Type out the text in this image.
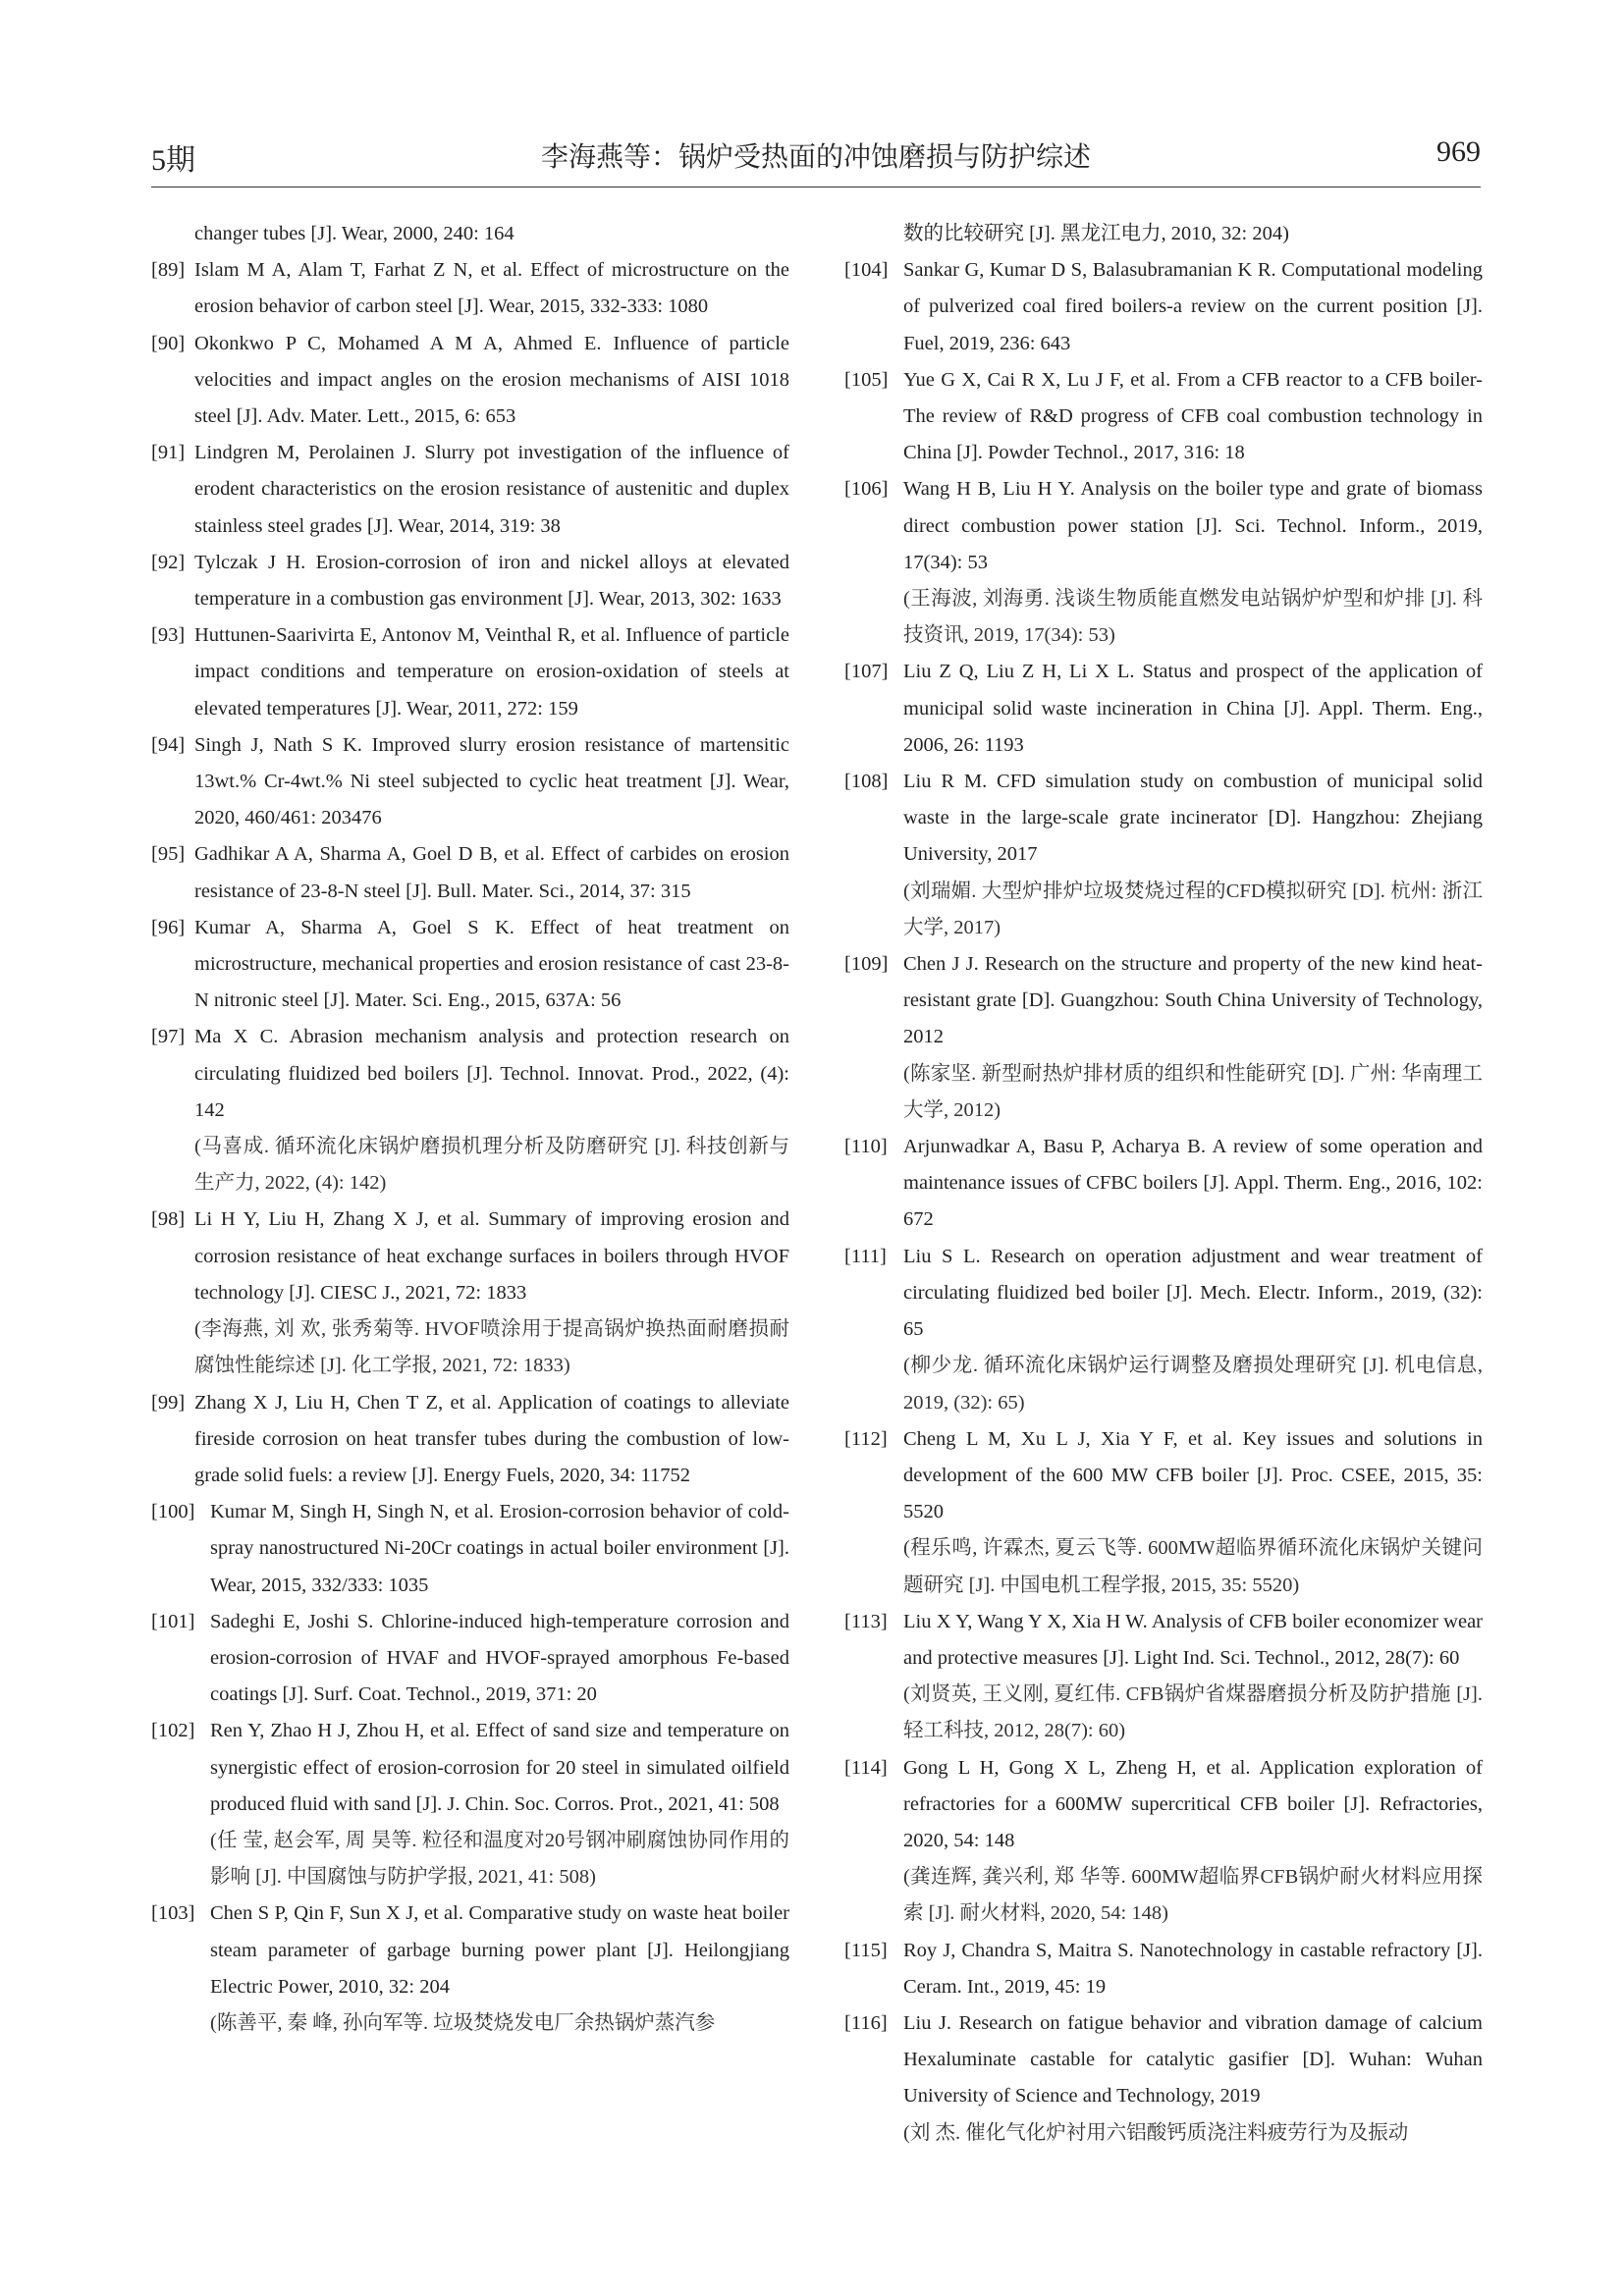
5期	李海燕等：锅炉受热面的冲蚀磨损与防护综述	969
changer tubes [J]. Wear, 2000, 240: 164
[89] Islam M A, Alam T, Farhat Z N, et al. Effect of microstructure on the erosion behavior of carbon steel [J]. Wear, 2015, 332-333: 1080
[90] Okonkwo P C, Mohamed A M A, Ahmed E. Influence of particle velocities and impact angles on the erosion mechanisms of AISI 1018 steel [J]. Adv. Mater. Lett., 2015, 6: 653
[91] Lindgren M, Perolainen J. Slurry pot investigation of the influence of erodent characteristics on the erosion resistance of austenitic and duplex stainless steel grades [J]. Wear, 2014, 319: 38
[92] Tylczak J H. Erosion-corrosion of iron and nickel alloys at elevated temperature in a combustion gas environment [J]. Wear, 2013, 302: 1633
[93] Huttunen-Saarivirta E, Antonov M, Veinthal R, et al. Influence of particle impact conditions and temperature on erosion-oxidation of steels at elevated temperatures [J]. Wear, 2011, 272: 159
[94] Singh J, Nath S K. Improved slurry erosion resistance of martensitic 13wt.% Cr-4wt.% Ni steel subjected to cyclic heat treatment [J]. Wear, 2020, 460/461: 203476
[95] Gadhikar A A, Sharma A, Goel D B, et al. Effect of carbides on erosion resistance of 23-8-N steel [J]. Bull. Mater. Sci., 2014, 37: 315
[96] Kumar A, Sharma A, Goel S K. Effect of heat treatment on microstructure, mechanical properties and erosion resistance of cast 23-8-N nitronic steel [J]. Mater. Sci. Eng., 2015, 637A: 56
[97] Ma X C. Abrasion mechanism analysis and protection research on circulating fluidized bed boilers [J]. Technol. Innovat. Prod., 2022, (4): 142
(马喜成. 循环流化床锅炉磨损机理分析及防磨研究 [J]. 科技创新与生产力, 2022, (4): 142)
[98] Li H Y, Liu H, Zhang X J, et al. Summary of improving erosion and corrosion resistance of heat exchange surfaces in boilers through HVOF technology [J]. CIESC J., 2021, 72: 1833
(李海燕, 刘 欢, 张秀菊等. HVOF喷涂用于提高锅炉换热面耐磨损耐腐蚀性能综述 [J]. 化工学报, 2021, 72: 1833)
[99] Zhang X J, Liu H, Chen T Z, et al. Application of coatings to alleviate fireside corrosion on heat transfer tubes during the combustion of low-grade solid fuels: a review [J]. Energy Fuels, 2020, 34: 11752
[100] Kumar M, Singh H, Singh N, et al. Erosion-corrosion behavior of cold-spray nanostructured Ni-20Cr coatings in actual boiler environment [J]. Wear, 2015, 332/333: 1035
[101] Sadeghi E, Joshi S. Chlorine-induced high-temperature corrosion and erosion-corrosion of HVAF and HVOF-sprayed amorphous Fe-based coatings [J]. Surf. Coat. Technol., 2019, 371: 20
[102] Ren Y, Zhao H J, Zhou H, et al. Effect of sand size and temperature on synergistic effect of erosion-corrosion for 20 steel in simulated oilfield produced fluid with sand [J]. J. Chin. Soc. Corros. Prot., 2021, 41: 508
(任 莹, 赵会军, 周 昊等. 粒径和温度对20号钢冲刷腐蚀协同作用的影响 [J]. 中国腐蚀与防护学报, 2021, 41: 508)
[103] Chen S P, Qin F, Sun X J, et al. Comparative study on waste heat boiler steam parameter of garbage burning power plant [J]. Heilongjiang Electric Power, 2010, 32: 204
(陈善平, 秦 峰, 孙向军等. 垃圾焚烧发电厂余热锅炉蒸汽参
数的比较研究 [J]. 黑龙江电力, 2010, 32: 204)
[104] Sankar G, Kumar D S, Balasubramanian K R. Computational modeling of pulverized coal fired boilers-a review on the current position [J]. Fuel, 2019, 236: 643
[105] Yue G X, Cai R X, Lu J F, et al. From a CFB reactor to a CFB boiler-The review of R&D progress of CFB coal combustion technology in China [J]. Powder Technol., 2017, 316: 18
[106] Wang H B, Liu H Y. Analysis on the boiler type and grate of biomass direct combustion power station [J]. Sci. Technol. Inform., 2019, 17(34): 53
(王海波, 刘海勇. 浅谈生物质能直燃发电站锅炉炉型和炉排 [J]. 科技资讯, 2019, 17(34): 53)
[107] Liu Z Q, Liu Z H, Li X L. Status and prospect of the application of municipal solid waste incineration in China [J]. Appl. Therm. Eng., 2006, 26: 1193
[108] Liu R M. CFD simulation study on combustion of municipal solid waste in the large-scale grate incinerator [D]. Hangzhou: Zhejiang University, 2017
(刘瑞媚. 大型炉排炉垃圾焚烧过程的CFD模拟研究 [D]. 杭州: 浙江大学, 2017)
[109] Chen J J. Research on the structure and property of the new kind heat-resistant grate [D]. Guangzhou: South China University of Technology, 2012
(陈家坚. 新型耐热炉排材质的组织和性能研究 [D]. 广州: 华南理工大学, 2012)
[110] Arjunwadkar A, Basu P, Acharya B. A review of some operation and maintenance issues of CFBC boilers [J]. Appl. Therm. Eng., 2016, 102: 672
[111] Liu S L. Research on operation adjustment and wear treatment of circulating fluidized bed boiler [J]. Mech. Electr. Inform., 2019, (32): 65
(柳少龙. 循环流化床锅炉运行调整及磨损处理研究 [J]. 机电信息, 2019, (32): 65)
[112] Cheng L M, Xu L J, Xia Y F, et al. Key issues and solutions in development of the 600 MW CFB boiler [J]. Proc. CSEE, 2015, 35: 5520
(程乐鸣, 许霖杰, 夏云飞等. 600MW超临界循环流化床锅炉关键问题研究 [J]. 中国电机工程学报, 2015, 35: 5520)
[113] Liu X Y, Wang Y X, Xia H W. Analysis of CFB boiler economizer wear and protective measures [J]. Light Ind. Sci. Technol., 2012, 28(7): 60
(刘贤英, 王义刚, 夏红伟. CFB锅炉省煤器磨损分析及防护措施 [J]. 轻工科技, 2012, 28(7): 60)
[114] Gong L H, Gong X L, Zheng H, et al. Application exploration of refractories for a 600MW supercritical CFB boiler [J]. Refractories, 2020, 54: 148
(龚连辉, 龚兴利, 郑 华等. 600MW超临界CFB锅炉耐火材料应用探索 [J]. 耐火材料, 2020, 54: 148)
[115] Roy J, Chandra S, Maitra S. Nanotechnology in castable refractory [J]. Ceram. Int., 2019, 45: 19
[116] Liu J. Research on fatigue behavior and vibration damage of calcium Hexaluminate castable for catalytic gasifier [D]. Wuhan: Wuhan University of Science and Technology, 2019
(刘 杰. 催化气化炉衬用六铝酸钙质浇注料疲劳行为及振动
